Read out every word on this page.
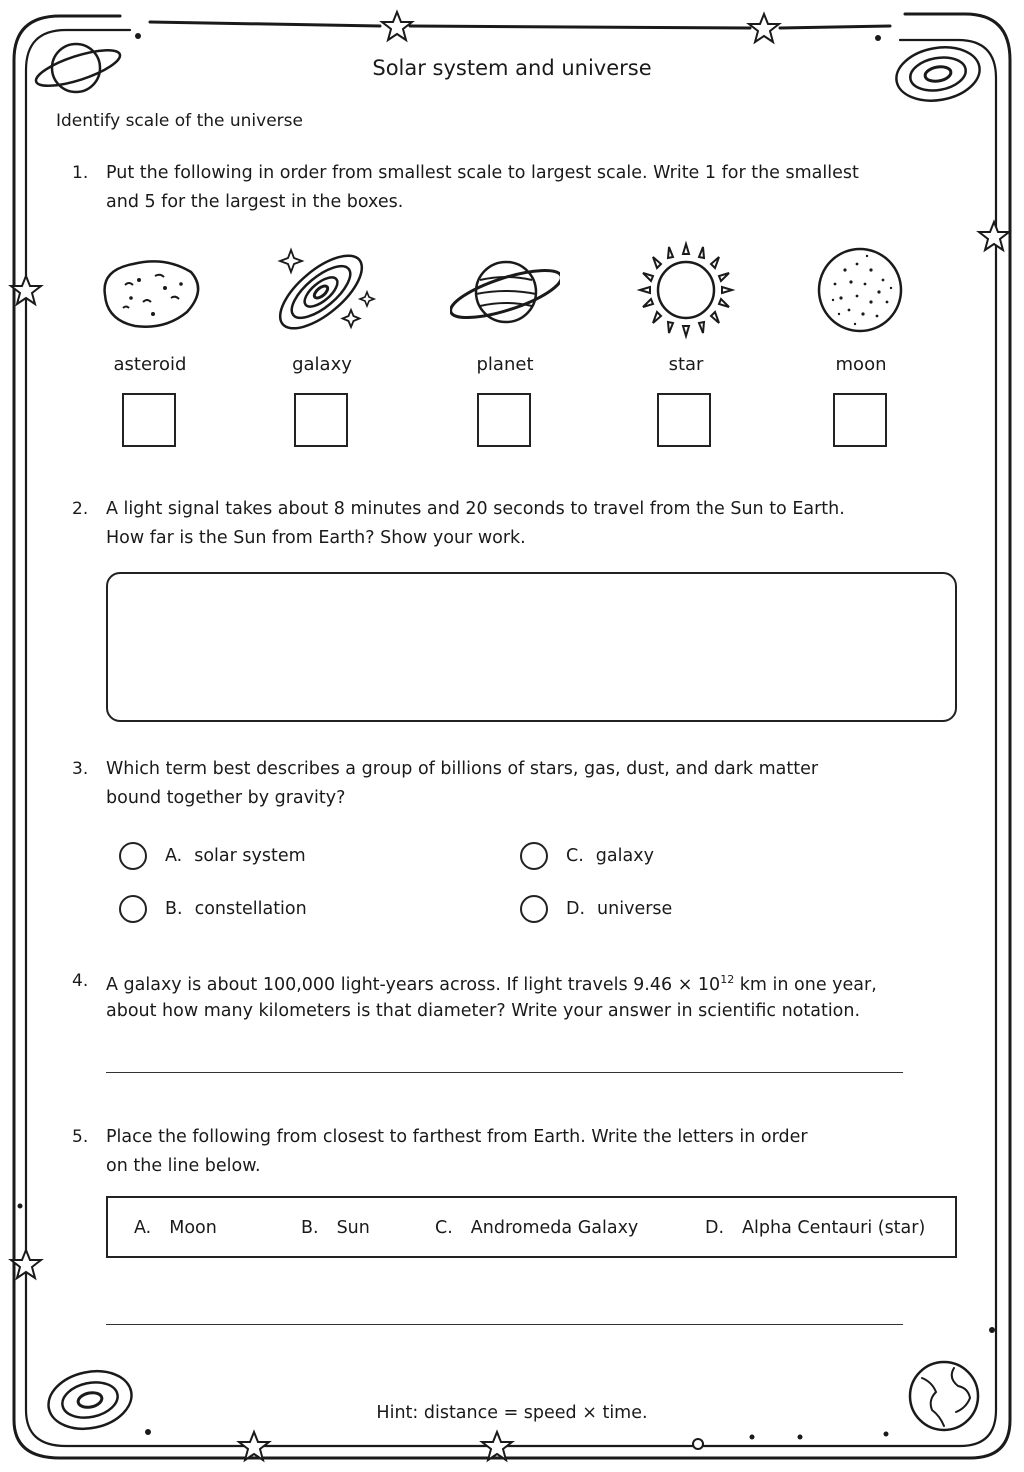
Solar system and universe
Identify scale of the universe
1.	Put the following in order from smallest scale to largest scale. Write 1 for the smallest
and 5 for the largest in the boxes.
asteroid	galaxy	planet	star	moon
2.	A light signal takes about 8 minutes and 20 seconds to travel from the Sun to Earth.
How far is the Sun from Earth? Show your work.
3.	Which term best describes a group of billions of stars, gas, dust, and dark matter
bound together by gravity?
A. solar system
B. constellation
C. galaxy
D. universe
4.	A galaxy is about 100,000 light-years across. If light travels $9.46 \times 10^{12}$ km in one year,
about how many kilometers is that diameter? Write your answer in scientific notation.
5.	Place the following from closest to farthest from Earth. Write the letters in order
on the line below.
A. Moon	B. Sun	C. Andromeda Galaxy	D. Alpha Centauri (star)
Hint: distance = speed × time.
